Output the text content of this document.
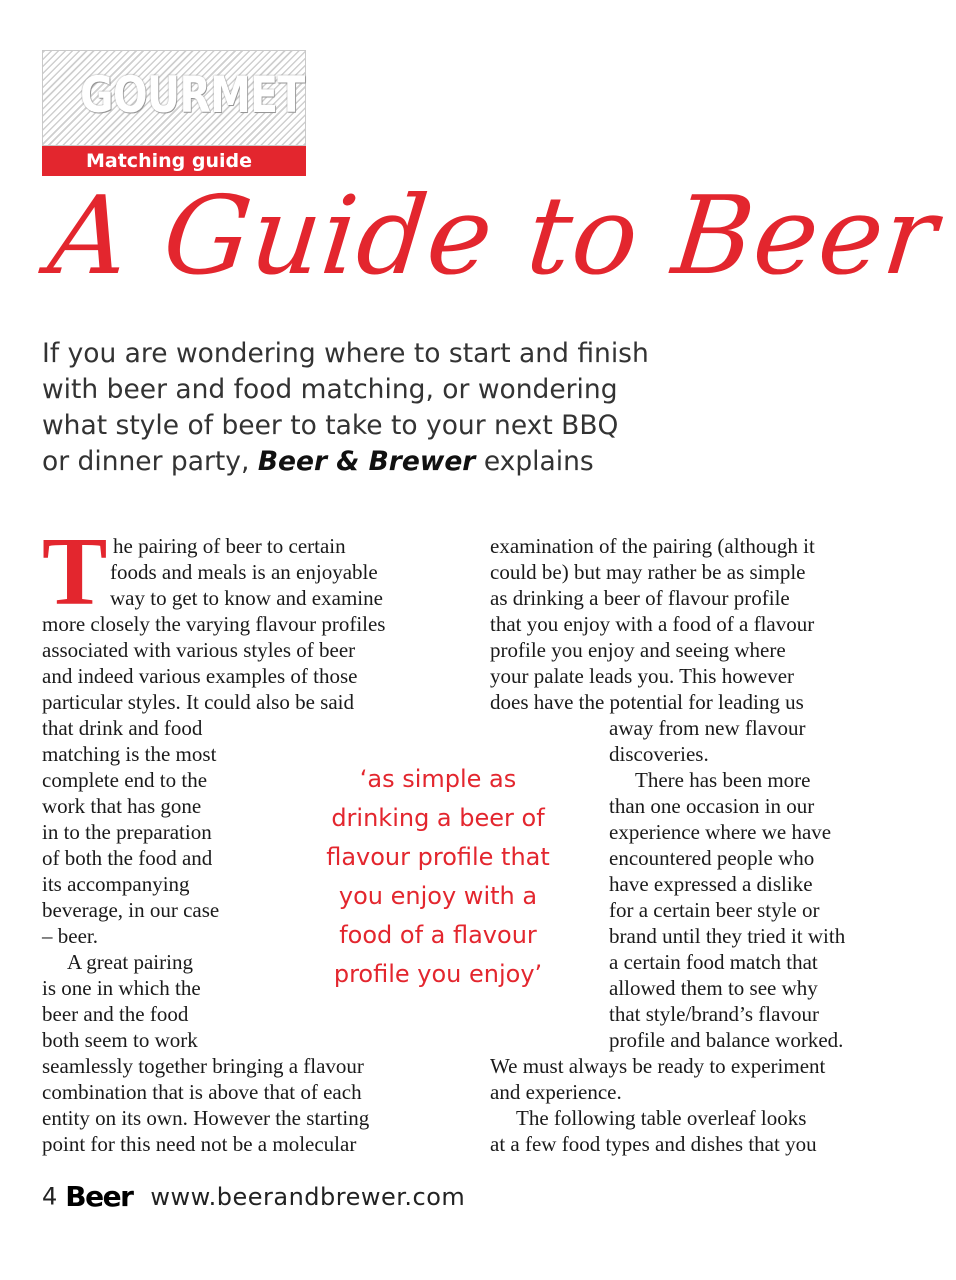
GOURMET
Matching guide
A Guide to Beer
If you are wondering where to start and finish
with beer and food matching, or wondering
what style of beer to take to your next BBQ
or dinner party, Beer & Brewer explains
T he pairing of beer to certain
foods and meals is an enjoyable
way to get to know and examine
more closely the varying flavour profiles
associated with various styles of beer
and indeed various examples of those
particular styles. It could also be said
that drink and food
matching is the most
complete end to the
work that has gone
in to the preparation
of both the food and
its accompanying
beverage, in our case
– beer.
A great pairing
is one in which the
beer and the food
both seem to work
seamlessly together bringing a flavour
combination that is above that of each
entity on its own. However the starting
point for this need not be a molecular
examination of the pairing (although it
could be) but may rather be as simple
as drinking a beer of flavour profile
that you enjoy with a food of a flavour
profile you enjoy and seeing where
your palate leads you. This however
does have the potential for leading us
away from new flavour
discoveries.
There has been more
than one occasion in our
experience where we have
encountered people who
have expressed a dislike
for a certain beer style or
brand until they tried it with
a certain food match that
allowed them to see why
that style/brand’s flavour
profile and balance worked.
We must always be ready to experiment
and experience.
The following table overleaf looks
at a few food types and dishes that you
‘as simple as
drinking a beer of
flavour profile that
you enjoy with a
food of a flavour
profile you enjoy’
4 Beer www.beerandbrewer.com
